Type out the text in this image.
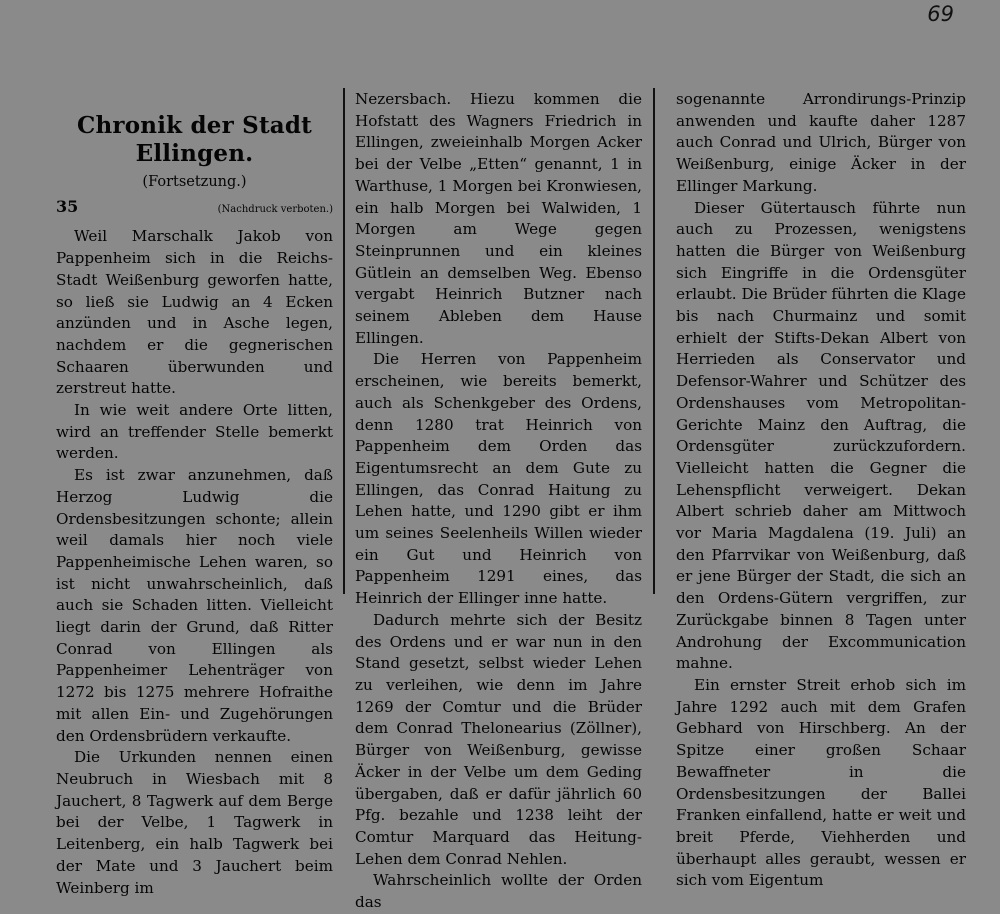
69
Chronik der Stadt Ellingen.
(Fortsetzung.)
35	(Nachdruck verboten.)

Weil Marschalk Jakob von Pappenheim sich in die Reichs-Stadt Weißenburg geworfen hatte, so ließ sie Ludwig an 4 Ecken anzünden und in Asche legen, nachdem er die gegnerischen Schaaren überwunden und zerstreut hatte.

In wie weit andere Orte litten, wird an treffender Stelle bemerkt werden.

Es ist zwar anzunehmen, daß Herzog Ludwig die Ordensbesitzungen schonte; allein weil damals hier noch viele Pappenheimische Lehen waren, so ist nicht unwahrscheinlich, daß auch sie Schaden litten. Vielleicht liegt darin der Grund, daß Ritter Conrad von Ellingen als Pappenheimer Lehenträger von 1272 bis 1275 mehrere Hofraithe mit allen Ein- und Zugehörungen den Ordensbrüdern verkaufte.

Die Urkunden nennen einen Neubruch in Wiesbach mit 8 Jauchert, 8 Tagwerk auf dem Berge bei der Velbe, 1 Tagwerk in Leitenberg, ein halb Tagwerk bei der Mate und 3 Jauchert beim Weinberg im

Nezersbach. Hiezu kommen die Hofstatt des Wagners Friedrich in Ellingen, zweieinhalb Morgen Acker bei der Velbe „Etten“ genannt, 1 in Warthuse, 1 Morgen bei Kronwiesen, ein halb Morgen bei Walwiden, 1 Morgen am Wege gegen Steinprunnen und ein kleines Gütlein an demselben Weg. Ebenso vergabt Heinrich Butzner nach seinem Ableben dem Hause Ellingen.

Die Herren von Pappenheim erscheinen, wie bereits bemerkt, auch als Schenkgeber des Ordens, denn 1280 trat Heinrich von Pappenheim dem Orden das Eigentumsrecht an dem Gute zu Ellingen, das Conrad Haitung zu Lehen hatte, und 1290 gibt er ihm um seines Seelenheils Willen wieder ein Gut und Heinrich von Pappenheim 1291 eines, das Heinrich der Ellinger inne hatte.

Dadurch mehrte sich der Besitz des Ordens und er war nun in den Stand gesetzt, selbst wieder Lehen zu verleihen, wie denn im Jahre 1269 der Comtur und die Brüder dem Conrad Thelonearius (Zöllner), Bürger von Weißenburg, gewisse Äcker in der Velbe um dem Geding übergaben, daß er dafür jährlich 60 Pfg. bezahle und 1238 leiht der Comtur Marquard das Heitung-Lehen dem Conrad Nehlen.

Wahrscheinlich wollte der Orden das

sogenannte Arrondirungs-Prinzip anwenden und kaufte daher 1287 auch Conrad und Ulrich, Bürger von Weißenburg, einige Äcker in der Ellinger Markung.

Dieser Gütertausch führte nun auch zu Prozessen, wenigstens hatten die Bürger von Weißenburg sich Eingriffe in die Ordensgüter erlaubt. Die Brüder führten die Klage bis nach Churmainz und somit erhielt der Stifts-Dekan Albert von Herrieden als Conservator und Defensor-Wahrer und Schützer des Ordenshauses vom Metropolitan-Gerichte Mainz den Auftrag, die Ordensgüter zurückzufordern. Vielleicht hatten die Gegner die Lehenspflicht verweigert. Dekan Albert schrieb daher am Mittwoch vor Maria Magdalena (19. Juli) an den Pfarrvikar von Weißenburg, daß er jene Bürger der Stadt, die sich an den Ordens-Gütern vergriffen, zur Zurückgabe binnen 8 Tagen unter Androhung der Excommunication mahne.

Ein ernster Streit erhob sich im Jahre 1292 auch mit dem Grafen Gebhard von Hirschberg. An der Spitze einer großen Schaar Bewaffneter in die Ordensbesitzungen der Ballei Franken einfallend, hatte er weit und breit Pferde, Viehherden und überhaupt alles geraubt, wessen er sich vom Eigentum
